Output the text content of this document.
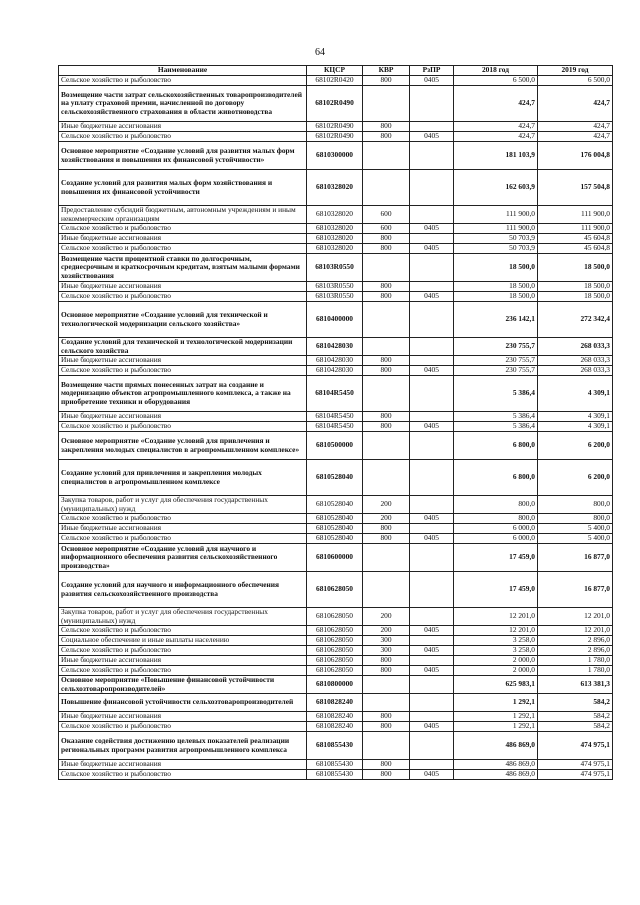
64
Наименование	КЦСР	КВР	РзПР	2018 год	2019 год
Сельское хозяйство и рыболовство	68102R0420	800	0405	6 500,0	6 500,0
Возмещение части затрат сельскохозяйственных товаропроизводителей на уплату страховой премии, начисленной по договору сельскохозяйственного страхования в области животноводства	68102R0490			424,7	424,7
Иные бюджетные ассигнования	68102R0490	800		424,7	424,7
Сельское хозяйство и рыболовство	68102R0490	800	0405	424,7	424,7
Основное мероприятие «Создание условий для развития малых форм хозяйствования и повышения их финансовой устойчивости»	6810300000			181 103,9	176 004,8
Создание условий для развития малых форм хозяйствования и повышения их финансовой устойчивости	6810328020			162 603,9	157 504,8
Предоставление субсидий бюджетным, автономным учреждениям и иным некоммерческим организациям	6810328020	600		111 900,0	111 900,0
Сельское хозяйство и рыболовство	6810328020	600	0405	111 900,0	111 900,0
Иные бюджетные ассигнования	6810328020	800		50 703,9	45 604,8
Сельское хозяйство и рыболовство	6810328020	800	0405	50 703,9	45 604,8
Возмещение части процентной ставки по долгосрочным, среднесрочным и краткосрочным кредитам, взятым малыми формами хозяйствования	68103R0550			18 500,0	18 500,0
Иные бюджетные ассигнования	68103R0550	800		18 500,0	18 500,0
Сельское хозяйство и рыболовство	68103R0550	800	0405	18 500,0	18 500,0
Основное мероприятие «Создание условий для технической и технологической модернизации сельского хозяйства»	6810400000			236 142,1	272 342,4
Создание условий для технической и технологической модернизации сельского хозяйства	6810428030			230 755,7	268 033,3
Иные бюджетные ассигнования	6810428030	800		230 755,7	268 033,3
Сельское хозяйство и рыболовство	6810428030	800	0405	230 755,7	268 033,3
Возмещение части прямых понесенных затрат на создание и модернизацию объектов агропромышленного комплекса, а также на приобретение техники и оборудования	68104R5450			5 386,4	4 309,1
Иные бюджетные ассигнования	68104R5450	800		5 386,4	4 309,1
Сельское хозяйство и рыболовство	68104R5450	800	0405	5 386,4	4 309,1
Основное мероприятие «Создание условий для привлечения и закрепления молодых специалистов в агропромышленном комплексе»	6810500000			6 800,0	6 200,0
Создание условий для привлечения и закрепления молодых специалистов в агропромышленном комплексе	6810528040			6 800,0	6 200,0
Закупка товаров, работ и услуг для обеспечения государственных (муниципальных) нужд	6810528040	200		800,0	800,0
Сельское хозяйство и рыболовство	6810528040	200	0405	800,0	800,0
Иные бюджетные ассигнования	6810528040	800		6 000,0	5 400,0
Сельское хозяйство и рыболовство	6810528040	800	0405	6 000,0	5 400,0
Основное мероприятие «Создание условий для научного и информационного обеспечения развития сельскохозяйственного производства»	6810600000			17 459,0	16 877,0
Создание условий для научного и информационного обеспечения развития сельскохозяйственного производства	6810628050			17 459,0	16 877,0
Закупка товаров, работ и услуг для обеспечения государственных (муниципальных) нужд	6810628050	200		12 201,0	12 201,0
Сельское хозяйство и рыболовство	6810628050	200	0405	12 201,0	12 201,0
Социальное обеспечение и иные выплаты населению	6810628050	300		3 258,0	2 896,0
Сельское хозяйство и рыболовство	6810628050	300	0405	3 258,0	2 896,0
Иные бюджетные ассигнования	6810628050	800		2 000,0	1 780,0
Сельское хозяйство и рыболовство	6810628050	800	0405	2 000,0	1 780,0
Основное мероприятие «Повышение финансовой устойчивости сельхозтоваропроизводителей»	6810800000			625 983,1	613 381,3
Повышение финансовой устойчивости сельхозтоваропроизводителей	6810828240			1 292,1	584,2
Иные бюджетные ассигнования	6810828240	800		1 292,1	584,2
Сельское хозяйство и рыболовство	6810828240	800	0405	1 292,1	584,2
Оказание содействия достижению целевых показателей реализации региональных программ развития агропромышленного комплекса	6810855430			486 869,0	474 975,1
Иные бюджетные ассигнования	6810855430	800		486 869,0	474 975,1
Сельское хозяйство и рыболовство	6810855430	800	0405	486 869,0	474 975,1
